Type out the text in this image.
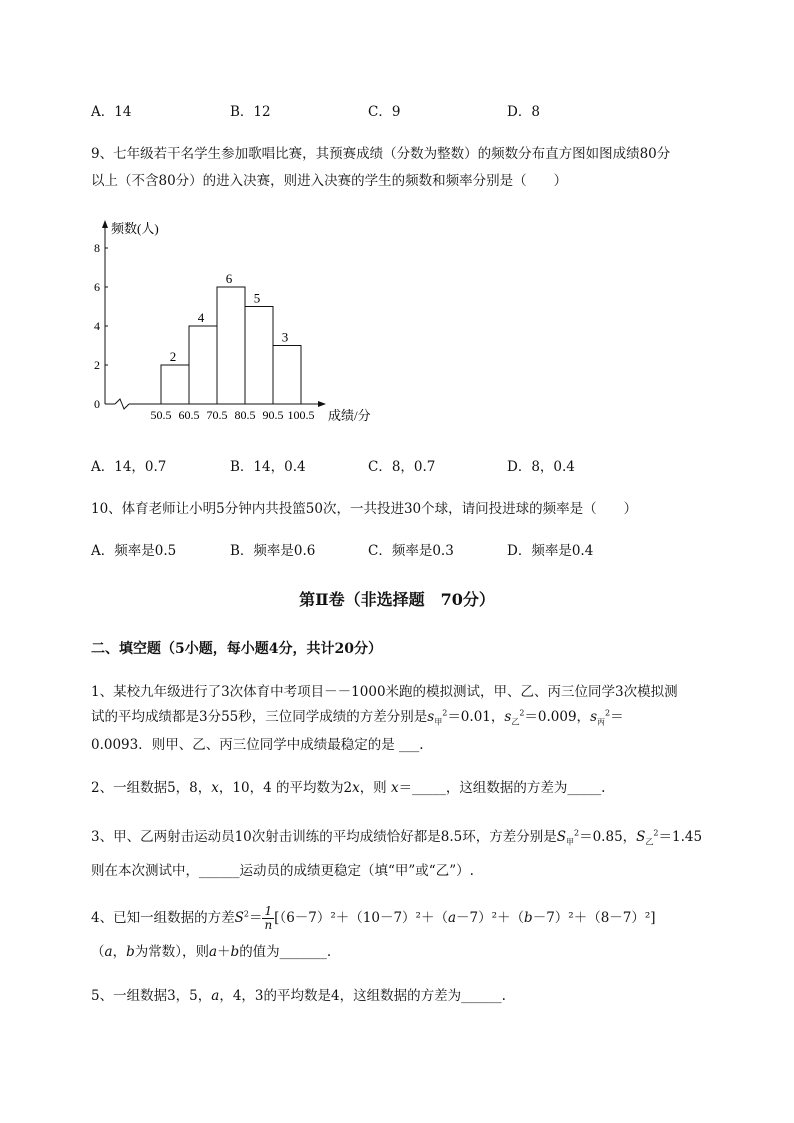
A．14	B．12	C．9	D．8
9、七年级若干名学生参加歌唱比赛，其预赛成绩（分数为整数）的频数分布直方图如图成绩80分
以上（不含80分）的进入决赛，则进入决赛的学生的频数和频率分别是（　　）
0
2
4
6
8
频数(人)
2
4
6
5
3
50.5 60.5 70.5 80.5 90.5 100.5 成绩/分
A．14，0.7	B．14，0.4	C．8，0.7	D．8，0.4
10、体育老师让小明5分钟内共投篮50次，一共投进30个球，请问投进球的频率是（　　）
A．频率是0.5	B．频率是0.6	C．频率是0.3	D．频率是0.4
第Ⅱ卷（非选择题　70分）
二、填空题（5小题，每小题4分，共计20分）
1、某校九年级进行了3次体育中考项目－－1000米跑的模拟测试，甲、乙、丙三位同学3次模拟测
试的平均成绩都是3分55秒，三位同学成绩的方差分别是$s_甲^2=0.01$，$s_乙^2=0.009$，$s_丙^2=$
0.0093．则甲、乙、丙三位同学中成绩最稳定的是 ___.
2、一组数据5，8，x，10，4 的平均数为2x，则 x＝_____，这组数据的方差为_____.
3、甲、乙两射击运动员10次射击训练的平均成绩恰好都是8.5环，方差分别是$S_甲^2=0.85$，$S_乙^2=1.45$
则在本次测试中，______运动员的成绩更稳定（填“甲”或“乙”）.
4、已知一组数据的方差$S^2= \frac{1}{n} [(6-7)^2+(10-7)^2+(a-7)^2+(b-7)^2+(8-7)^2]$
（a，b为常数），则a＋b的值为_______.
5、一组数据3，5，a，4，3的平均数是4，这组数据的方差为______.
